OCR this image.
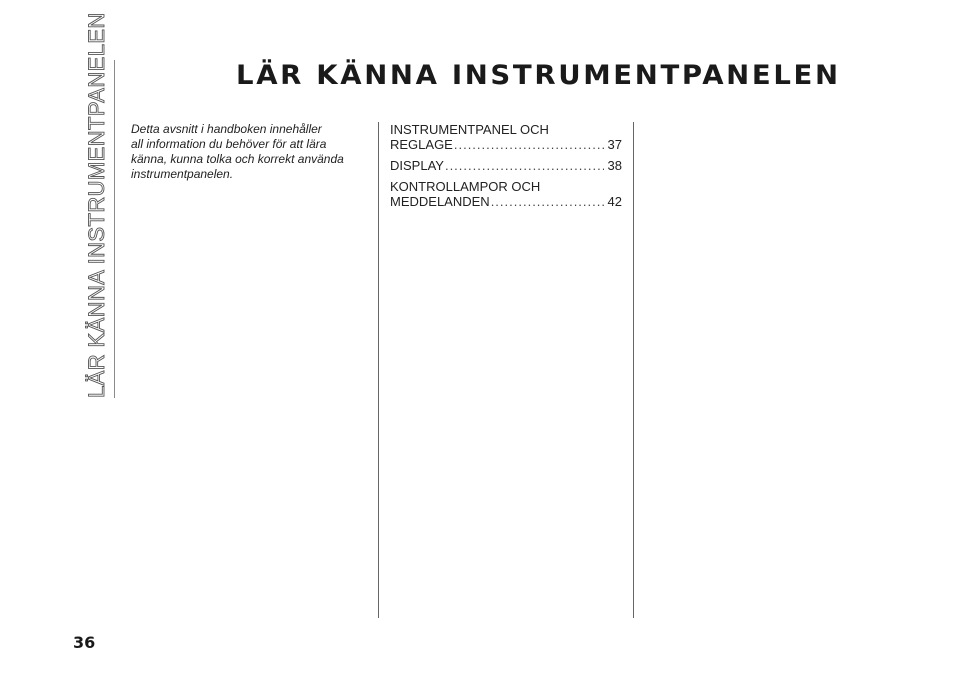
LÄR KÄNNA INSTRUMENTPANELEN	LÄR KÄNNA INSTRUMENTPANELEN
Detta avsnitt i handboken innehåller
all information du behöver för att lära
känna, kunna tolka och korrekt använda
instrumentpanelen.
INSTRUMENTPANEL OCH
REGLAGE .....	37
DISPLAY .....	38
KONTROLLAMPOR OCH
MEDDELANDEN .....	42
36
